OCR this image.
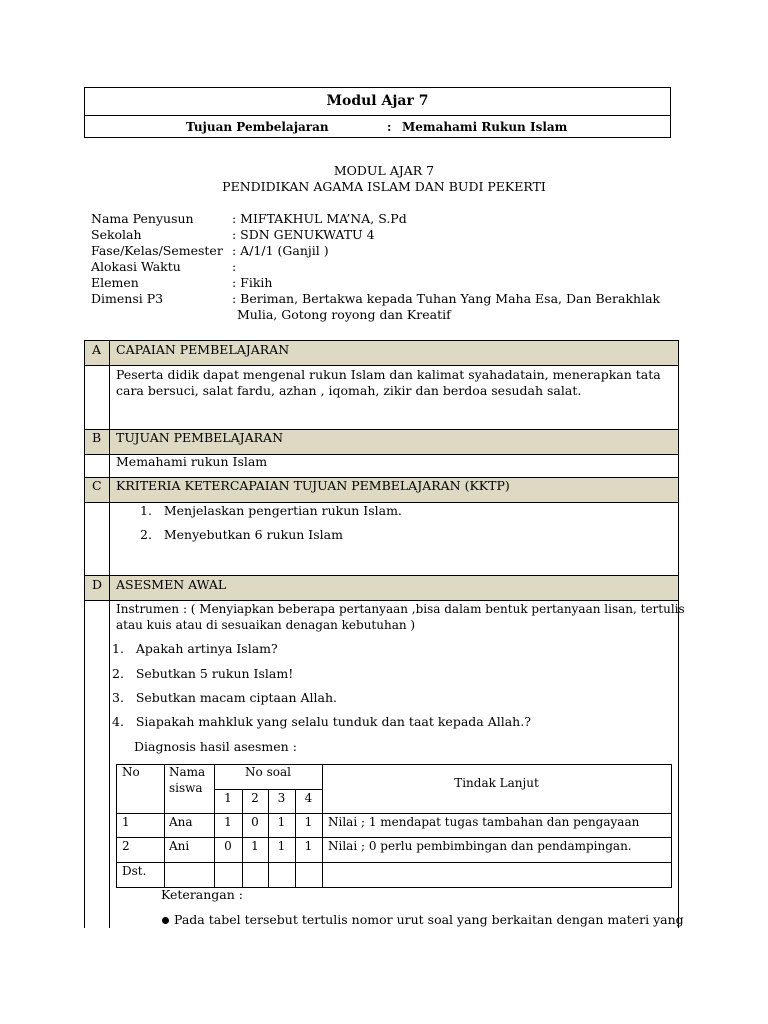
Modul Ajar 7
Tujuan Pembelajaran	: Memahami Rukun Islam
MODUL AJAR 7
PENDIDIKAN AGAMA ISLAM DAN BUDI PEKERTI
Nama Penyusun	: MIFTAKHUL MA’NA, S.Pd
Sekolah	: SDN GENUKWATU 4
Fase/Kelas/Semester : A/1/1 (Ganjil )
Alokasi Waktu	:
Elemen	: Fikih
Dimensi P3	: Beriman, Bertakwa kepada Tuhan Yang Maha Esa, Dan Berakhlak
Mulia, Gotong royong dan Kreatif
A CAPAIAN PEMBELAJARAN
Peserta didik dapat mengenal rukun Islam dan kalimat syahadatain, menerapkan tata
cara bersuci, salat fardu, azhan , iqomah, zikir dan berdoa sesudah salat.
B TUJUAN PEMBELAJARAN
Memahami rukun Islam
C KRITERIA KETERCAPAIAN TUJUAN PEMBELAJARAN (KKTP)
1.   Menjelaskan pengertian rukun Islam.
2.   Menyebutkan 6 rukun Islam
D ASESMEN AWAL
Instrumen : ( Menyiapkan beberapa pertanyaan ,bisa dalam bentuk pertanyaan lisan, tertulis
atau kuis atau di sesuaikan denagan kebutuhan )
1.   Apakah artinya Islam?
2.   Sebutkan 5 rukun Islam!
3.   Sebutkan macam ciptaan Allah.
4.   Siapakah mahkluk yang selalu tunduk dan taat kepada Allah.?
Diagnosis hasil asesmen :
Keterangan :
Pada tabel tersebut tertulis nomor urut soal yang berkaitan dengan materi yang
No Nama
siswa
No soal
Tindak Lanjut
1	2	3	4
1	Ana	1	0	1	1	Nilai ; 1 mendapat tugas tambahan dan pengayaan
2	Ani	0	1	1	1	Nilai ; 0 perlu pembimbingan dan pendampingan.
Dst.
